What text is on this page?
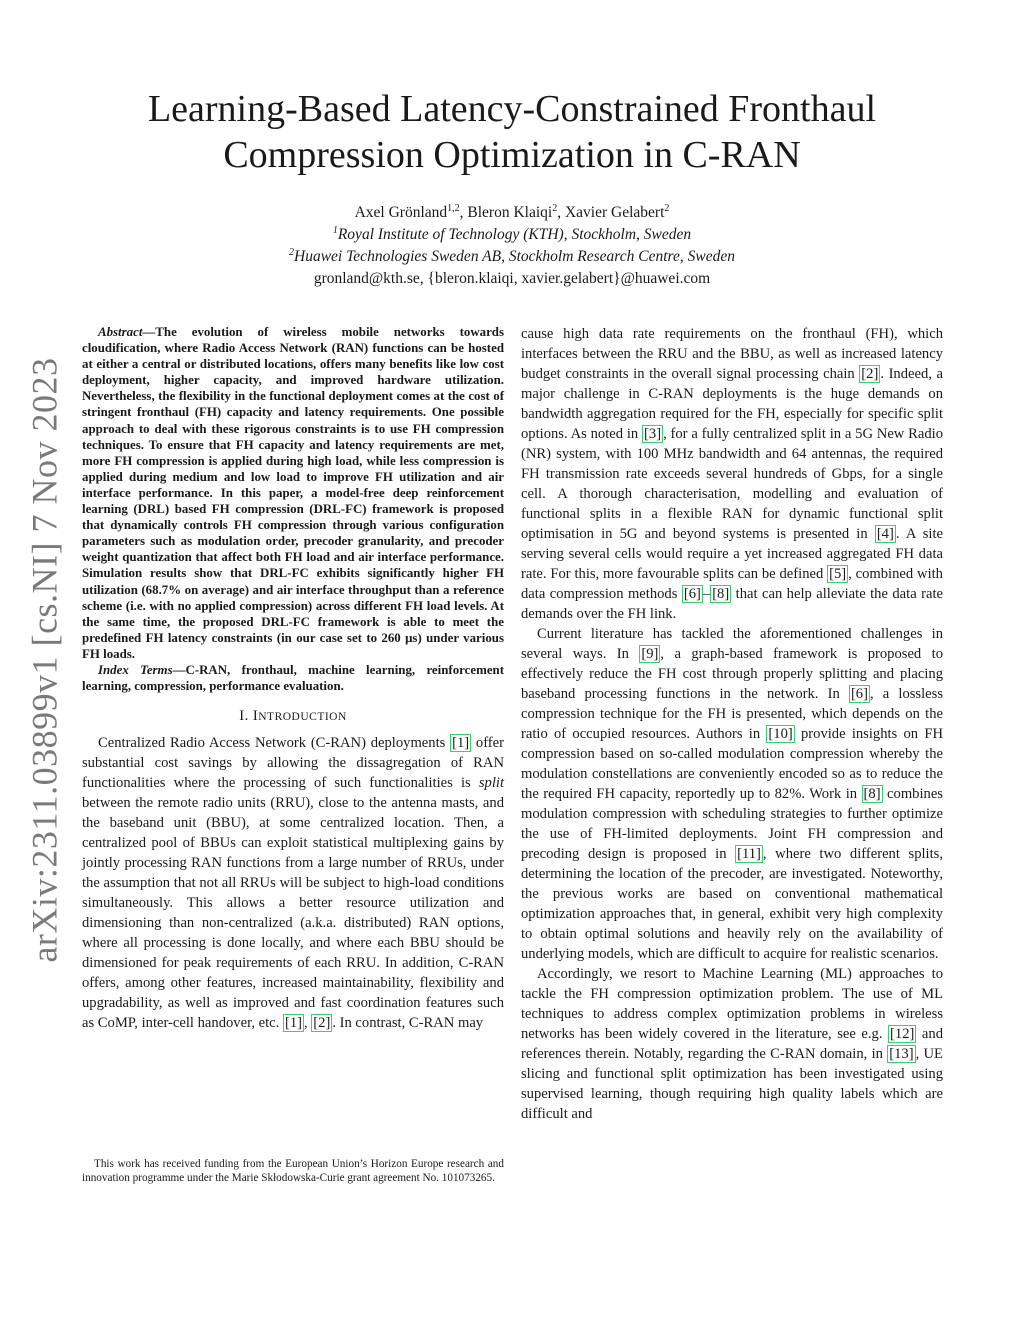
arXiv:2311.03899v1 [cs.NI] 7 Nov 2023
Learning-Based Latency-Constrained Fronthaul
Compression Optimization in C-RAN
Axel Grönland$^{1,2}$, Bleron Klaiqi$^2$, Xavier Gelabert$^2$
$^1$Royal Institute of Technology (KTH), Stockholm, Sweden
$^2$Huawei Technologies Sweden AB, Stockholm Research Centre, Sweden
gronland@kth.se, {bleron.klaiqi, xavier.gelabert}@huawei.com

Abstract—The evolution of wireless mobile networks towards cloudification, where Radio Access Network (RAN) functions can be hosted at either a central or distributed locations, offers many benefits like low cost deployment, higher capacity, and improved hardware utilization. Nevertheless, the flexibility in the functional deployment comes at the cost of stringent fronthaul (FH) capacity and latency requirements. One possible approach to deal with these rigorous constraints is to use FH compression techniques. To ensure that FH capacity and latency requirements are met, more FH compression is applied during high load, while less compression is applied during medium and low load to improve FH utilization and air interface performance. In this paper, a model-free deep reinforcement learning (DRL) based FH compression (DRL-FC) framework is proposed that dynamically controls FH compression through various configuration parameters such as modulation order, precoder granularity, and precoder weight quantization that affect both FH load and air interface performance. Simulation results show that DRL-FC exhibits significantly higher FH utilization (68.7% on average) and air interface throughput than a reference scheme (i.e. with no applied compression) across different FH load levels. At the same time, the proposed DRL-FC framework is able to meet the predefined FH latency constraints (in our case set to 260 μs) under various FH loads.

Index Terms—C-RAN, fronthaul, machine learning, reinforcement learning, compression, performance evaluation.

I. INTRODUCTION

Centralized Radio Access Network (C-RAN) deployments [1] offer substantial cost savings by allowing the dissagregation of RAN functionalities where the processing of such functionalities is split between the remote radio units (RRU), close to the antenna masts, and the baseband unit (BBU), at some centralized location. Then, a centralized pool of BBUs can exploit statistical multiplexing gains by jointly processing RAN functions from a large number of RRUs, under the assumption that not all RRUs will be subject to high-load conditions simultaneously. This allows a better resource utilization and dimensioning than non-centralized (a.k.a. distributed) RAN options, where all processing is done locally, and where each BBU should be dimensioned for peak requirements of each RRU. In addition, C-RAN offers, among other features, increased maintainability, flexibility and upgradability, as well as improved and fast coordination features such as CoMP, inter-cell handover, etc. [1] , [2] . In contrast, C-RAN may

This work has received funding from the European Union’s Horizon Europe research and innovation programme under the Marie Skłodowska-Curie grant agreement No. 101073265.

cause high data rate requirements on the fronthaul (FH), which interfaces between the RRU and the BBU, as well as increased latency budget constraints in the overall signal processing chain [2] . Indeed, a major challenge in C-RAN deployments is the huge demands on bandwidth aggregation required for the FH, especially for specific split options. As noted in [3] , for a fully centralized split in a 5G New Radio (NR) system, with 100 MHz bandwidth and 64 antennas, the required FH transmission rate exceeds several hundreds of Gbps, for a single cell. A thorough characterisation, modelling and evaluation of functional splits in a flexible RAN for dynamic functional split optimisation in 5G and beyond systems is presented in [4] . A site serving several cells would require a yet increased aggregated FH data rate. For this, more favourable splits can be defined [5] , combined with data compression methods [6] – [8] that can help alleviate the data rate demands over the FH link.

Current literature has tackled the aforementioned challenges in several ways. In [9] , a graph-based framework is proposed to effectively reduce the FH cost through properly splitting and placing baseband processing functions in the network. In [6] , a lossless compression technique for the FH is presented, which depends on the ratio of occupied resources. Authors in [10] provide insights on FH compression based on so-called modulation compression whereby the modulation constellations are conveniently encoded so as to reduce the the required FH capacity, reportedly up to 82%. Work in [8] combines modulation compression with scheduling strategies to further optimize the use of FH-limited deployments. Joint FH compression and precoding design is proposed in [11] , where two different splits, determining the location of the precoder, are investigated. Noteworthy, the previous works are based on conventional mathematical optimization approaches that, in general, exhibit very high complexity to obtain optimal solutions and heavily rely on the availability of underlying models, which are difficult to acquire for realistic scenarios.

Accordingly, we resort to Machine Learning (ML) approaches to tackle the FH compression optimization problem. The use of ML techniques to address complex optimization problems in wireless networks has been widely covered in the literature, see e.g. [12] and references therein. Notably, regarding the C-RAN domain, in [13] , UE slicing and functional split optimization has been investigated using supervised learning, though requiring high quality labels which are difficult and
